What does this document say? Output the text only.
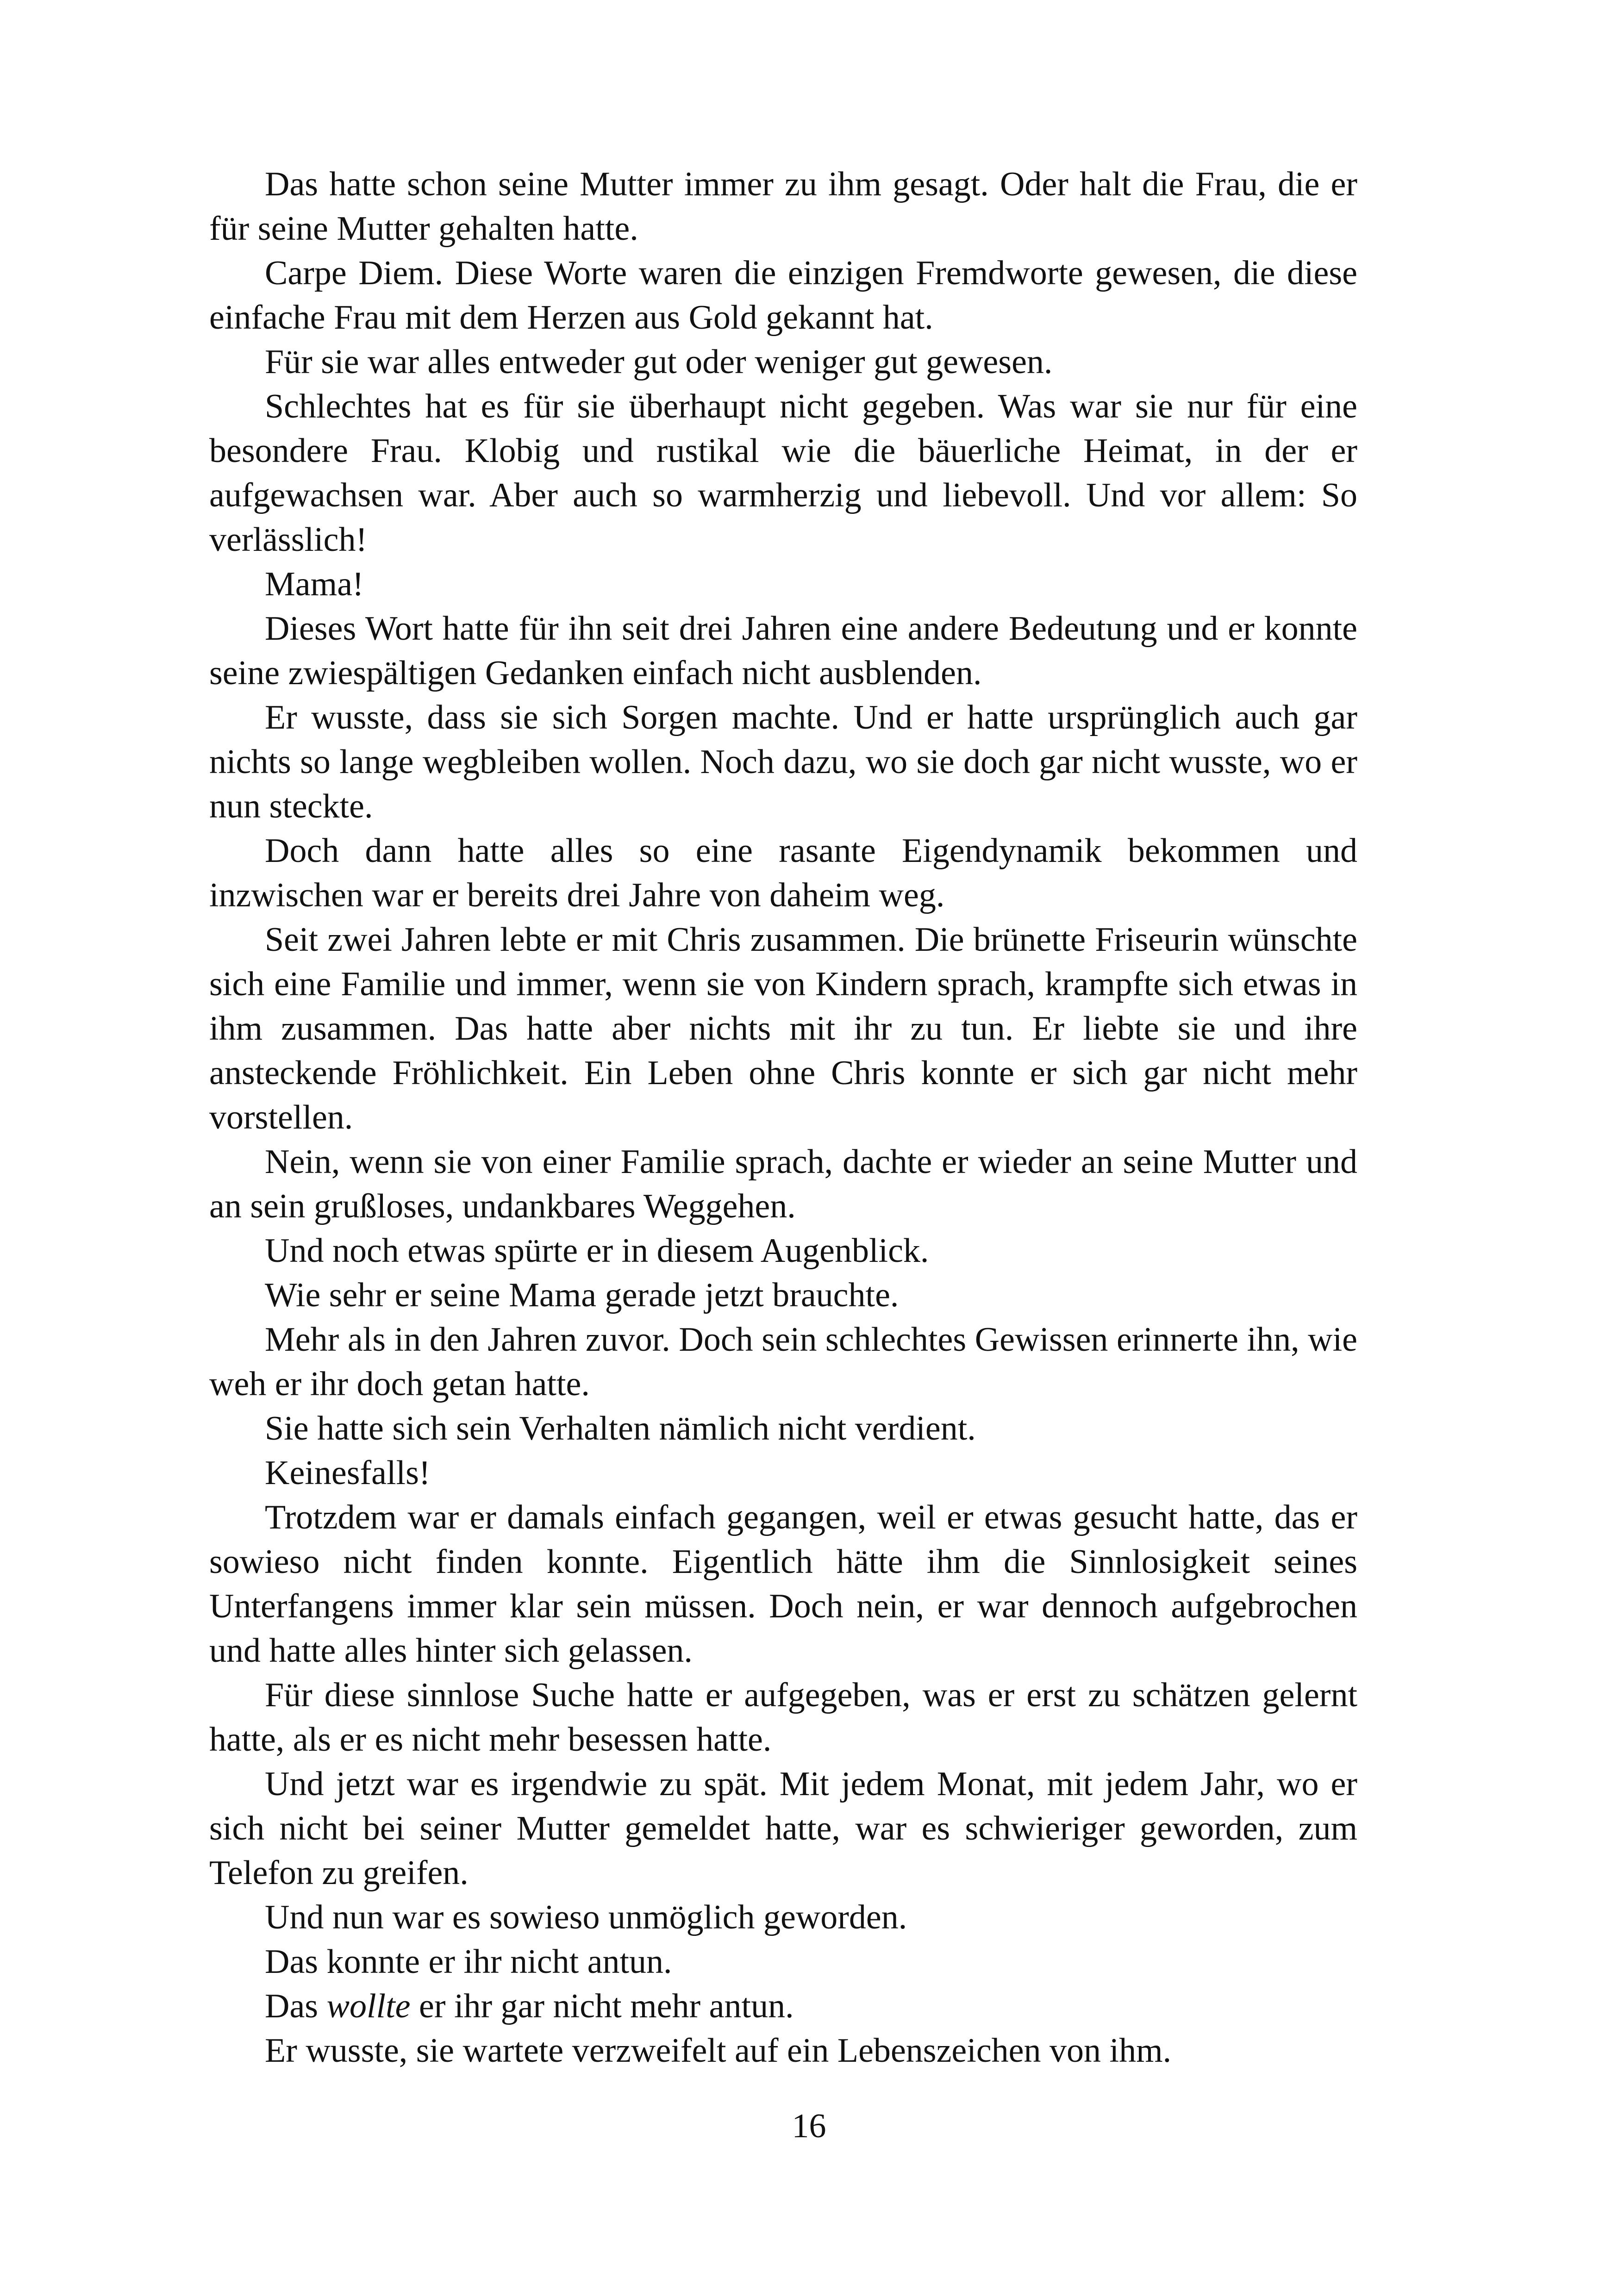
Das hatte schon seine Mutter immer zu ihm gesagt. Oder halt die Frau, die er für seine Mutter gehalten hatte.

Carpe Diem. Diese Worte waren die einzigen Fremdworte gewesen, die diese einfache Frau mit dem Herzen aus Gold gekannt hat.

Für sie war alles entweder gut oder weniger gut gewesen.

Schlechtes hat es für sie überhaupt nicht gegeben. Was war sie nur für eine besondere Frau. Klobig und rustikal wie die bäuerliche Heimat, in der er aufgewachsen war. Aber auch so warmherzig und liebevoll. Und vor allem: So verlässlich!

Mama!

Dieses Wort hatte für ihn seit drei Jahren eine andere Bedeutung und er konnte seine zwiespältigen Gedanken einfach nicht ausblenden.

Er wusste, dass sie sich Sorgen machte. Und er hatte ursprünglich auch gar nichts so lange wegbleiben wollen. Noch dazu, wo sie doch gar nicht wusste, wo er nun steckte.

Doch dann hatte alles so eine rasante Eigendynamik bekommen und inzwischen war er bereits drei Jahre von daheim weg.

Seit zwei Jahren lebte er mit Chris zusammen. Die brünette Friseurin wünschte sich eine Familie und immer, wenn sie von Kindern sprach, krampfte sich etwas in ihm zusammen. Das hatte aber nichts mit ihr zu tun. Er liebte sie und ihre ansteckende Fröhlichkeit. Ein Leben ohne Chris konnte er sich gar nicht mehr vorstellen.

Nein, wenn sie von einer Familie sprach, dachte er wieder an seine Mutter und an sein grußloses, undankbares Weggehen.

Und noch etwas spürte er in diesem Augenblick.

Wie sehr er seine Mama gerade jetzt brauchte.

Mehr als in den Jahren zuvor. Doch sein schlechtes Gewissen erinnerte ihn, wie weh er ihr doch getan hatte.

Sie hatte sich sein Verhalten nämlich nicht verdient.

Keinesfalls!

Trotzdem war er damals einfach gegangen, weil er etwas gesucht hatte, das er sowieso nicht finden konnte. Eigentlich hätte ihm die Sinnlosigkeit seines Unterfangens immer klar sein müssen. Doch nein, er war dennoch aufgebrochen und hatte alles hinter sich gelassen.

Für diese sinnlose Suche hatte er aufgegeben, was er erst zu schätzen gelernt hatte, als er es nicht mehr besessen hatte.

Und jetzt war es irgendwie zu spät. Mit jedem Monat, mit jedem Jahr, wo er sich nicht bei seiner Mutter gemeldet hatte, war es schwieriger geworden, zum Telefon zu greifen.

Und nun war es sowieso unmöglich geworden.

Das konnte er ihr nicht antun.

Das wollte er ihr gar nicht mehr antun.

Er wusste, sie wartete verzweifelt auf ein Lebenszeichen von ihm.

16
